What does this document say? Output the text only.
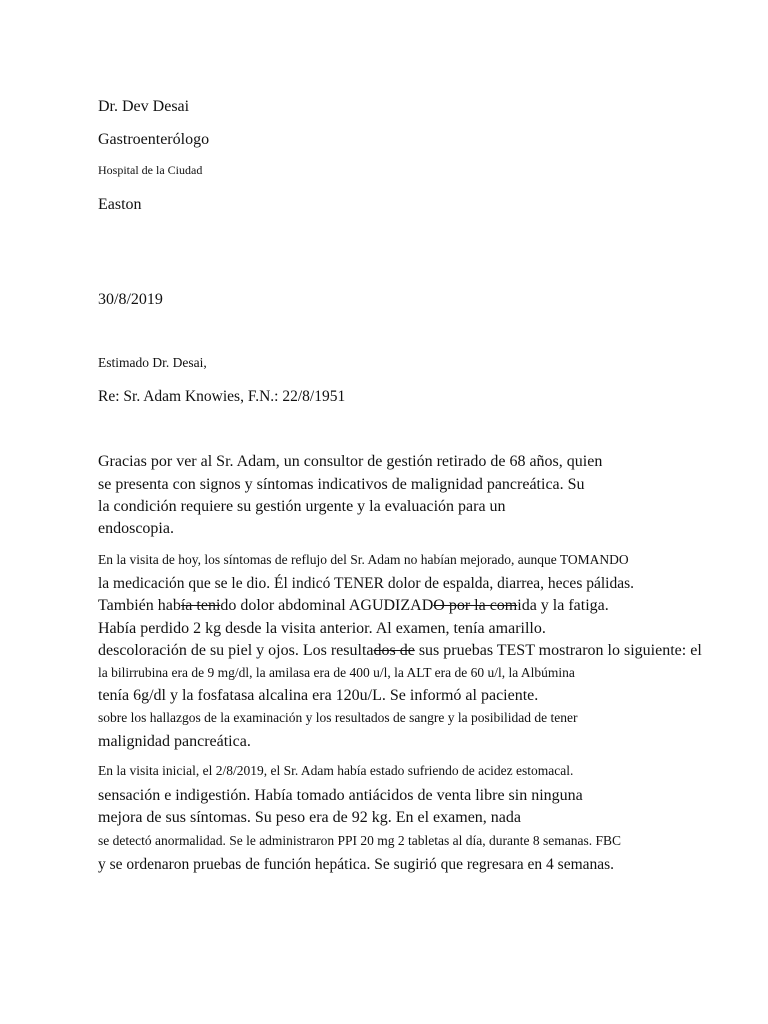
Dr. Dev Desai
Gastroenterólogo
Hospital de la Ciudad
Easton
30/8/2019
Estimado Dr. Desai,
Re: Sr. Adam Knowies, F.N.: 22/8/1951
Gracias por ver al Sr. Adam, un consultor de gestión retirado de 68 años, quien
se presenta con signos y síntomas indicativos de malignidad pancreática. Su
la condición requiere su gestión urgente y la evaluación para un
endoscopia.
En la visita de hoy, los síntomas de reflujo del Sr. Adam no habían mejorado, aunque TOMANDO
la medicación que se le dio. Él indicó TENER dolor de espalda, diarrea, heces pálidas.
También había tenido dolor abdominal AGUDIZADO por la comida y la fatiga.
Había perdido 2 kg desde la visita anterior. Al examen, tenía amarillo.
descoloración de su piel y ojos. Los resultados de sus pruebas TEST mostraron lo siguiente: el
la bilirrubina era de 9 mg/dl, la amilasa era de 400 u/l, la ALT era de 60 u/l, la Albúmina
tenía 6g/dl y la fosfatasa alcalina era 120u/L. Se informó al paciente.
sobre los hallazgos de la examinación y los resultados de sangre y la posibilidad de tener
malignidad pancreática.
En la visita inicial, el 2/8/2019, el Sr. Adam había estado sufriendo de acidez estomacal.
sensación e indigestión. Había tomado antiácidos de venta libre sin ninguna
mejora de sus síntomas. Su peso era de 92 kg. En el examen, nada
se detectó anormalidad. Se le administraron PPI 20 mg 2 tabletas al día, durante 8 semanas. FBC
y se ordenaron pruebas de función hepática. Se sugirió que regresara en 4 semanas.
